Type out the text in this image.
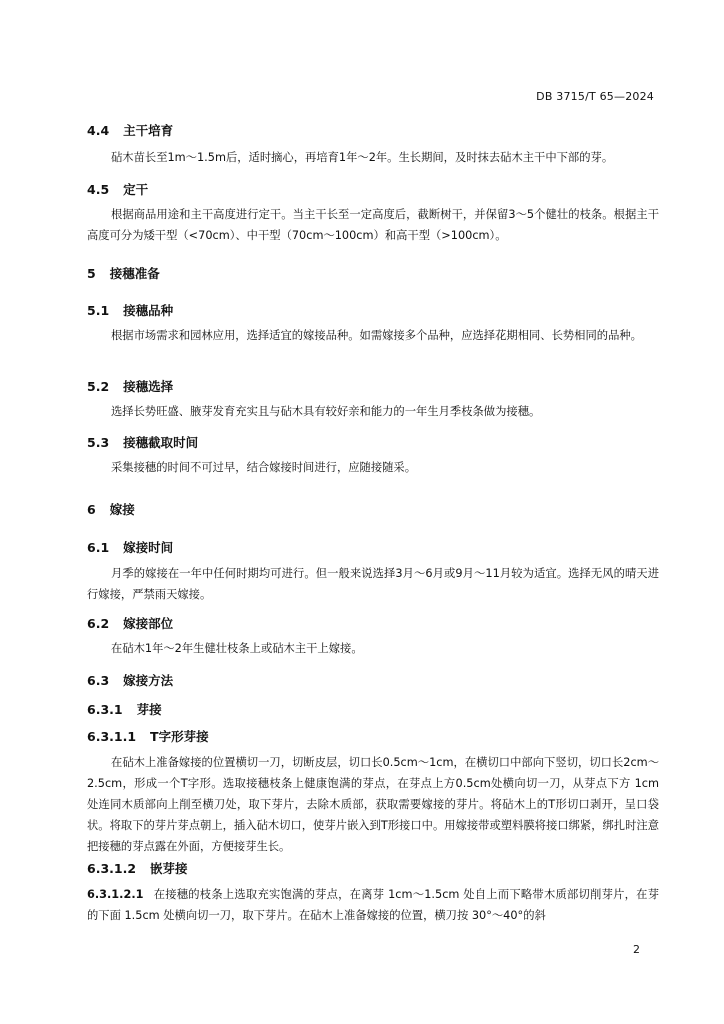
DB 3715/T 65—2024
4.4 主干培育
砧木苗长至1m～1.5m后，适时摘心，再培育1年～2年。生长期间，及时抹去砧木主干中下部的芽。
4.5 定干
根据商品用途和主干高度进行定干。当主干长至一定高度后，截断树干，并保留3～5个健壮的枝条。根据主干高度可分为矮干型（<70cm）、中干型（70cm～100cm）和高干型（>100cm）。
5 接穗准备
5.1 接穗品种
根据市场需求和园林应用，选择适宜的嫁接品种。如需嫁接多个品种，应选择花期相同、长势相同的品种。
5.2 接穗选择
选择长势旺盛、腋芽发育充实且与砧木具有较好亲和能力的一年生月季枝条做为接穗。
5.3 接穗截取时间
采集接穗的时间不可过早，结合嫁接时间进行，应随接随采。
6 嫁接
6.1 嫁接时间
月季的嫁接在一年中任何时期均可进行。但一般来说选择3月～6月或9月～11月较为适宜。选择无风的晴天进行嫁接，严禁雨天嫁接。
6.2 嫁接部位
在砧木1年～2年生健壮枝条上或砧木主干上嫁接。
6.3 嫁接方法
6.3.1 芽接
6.3.1.1 T字形芽接
在砧木上准备嫁接的位置横切一刀，切断皮层，切口长0.5cm～1cm，在横切口中部向下竖切，切口长2cm～2.5cm，形成一个T字形。选取接穗枝条上健康饱满的芽点，在芽点上方0.5cm处横向切一刀，从芽点下方 1cm 处连同木质部向上削至横刀处，取下芽片，去除木质部，获取需要嫁接的芽片。将砧木上的T形切口剥开，呈口袋状。将取下的芽片芽点朝上，插入砧木切口，使芽片嵌入到T形接口中。用嫁接带或塑料膜将接口绑紧，绑扎时注意把接穗的芽点露在外面，方便接芽生长。
6.3.1.2 嵌芽接
6.3.1.2.1 在接穗的枝条上选取充实饱满的芽点，在离芽 1cm～1.5cm 处自上而下略带木质部切削芽片，在芽的下面 1.5cm 处横向切一刀，取下芽片。在砧木上准备嫁接的位置，横刀按 30°～40°的斜
2
